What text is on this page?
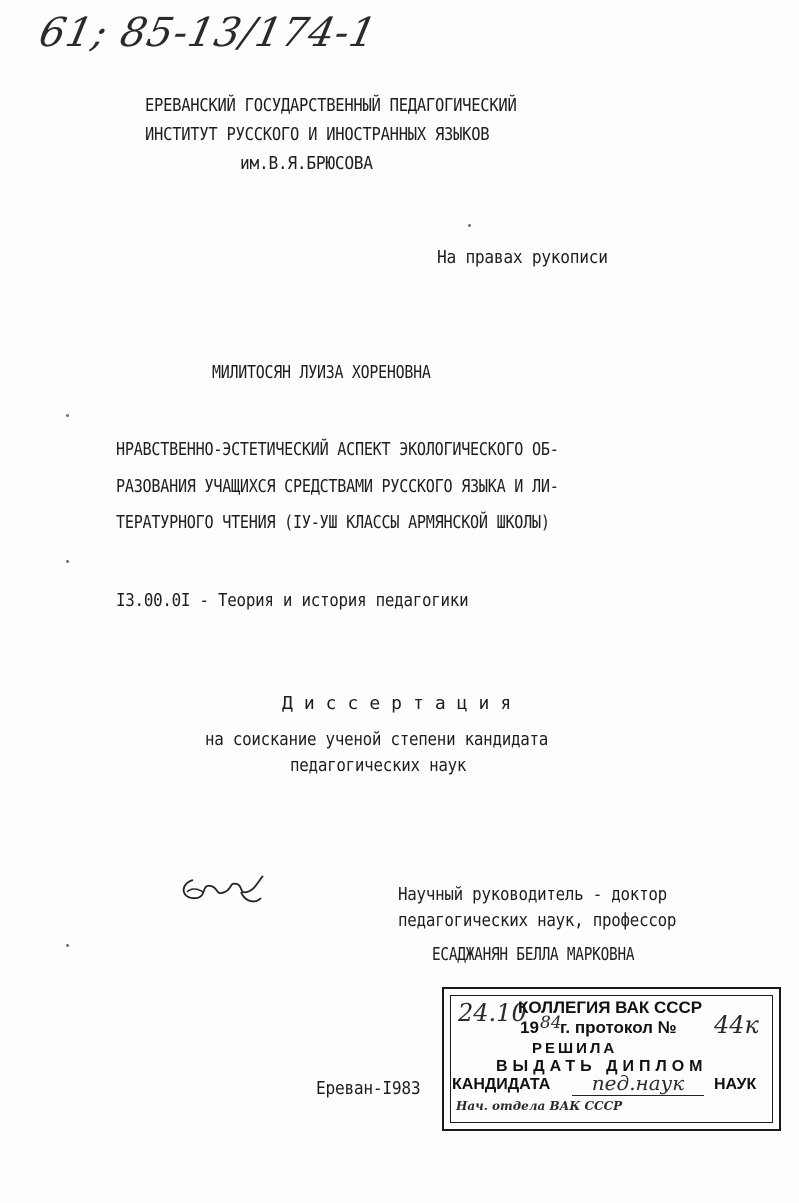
61; 85-13/174-1
ЕРЕВАНСКИЙ ГОСУДАРСТВЕННЫЙ ПЕДАГОГИЧЕСКИЙ
ИНСТИТУТ РУССКОГО И ИНОСТРАННЫХ ЯЗЫКОВ
им.В.Я.БРЮСОВА
На правах рукописи
МИЛИТОСЯН ЛУИЗА ХОРЕНОВНА
НРАВСТВЕННО-ЭСТЕТИЧЕСКИЙ АСПЕКТ ЭКОЛОГИЧЕСКОГО ОБ-
РАЗОВАНИЯ УЧАЩИХСЯ СРЕДСТВАМИ РУССКОГО ЯЗЫКА И ЛИ-
ТЕРАТУРНОГО ЧТЕНИЯ (IУ-УШ КЛАССЫ АРМЯНСКОЙ ШКОЛЫ)
I3.00.0I - Теория и история педагогики
Диссертация
на соискание ученой степени кандидата
педагогических наук
Научный руководитель - доктор
педагогических наук, профессор
ЕСАДЖАНЯН БЕЛЛА МАРКОВНА
Ереван-I983
24.10
КОЛЛЕГИЯ ВАК СССР
19 84
г. протокол № 44к
РЕШИЛА
ВЫДАТЬ ДИПЛОМ
КАНДИДАТА	пед.наук	НАУК
Нач. отдела ВАК СССР
